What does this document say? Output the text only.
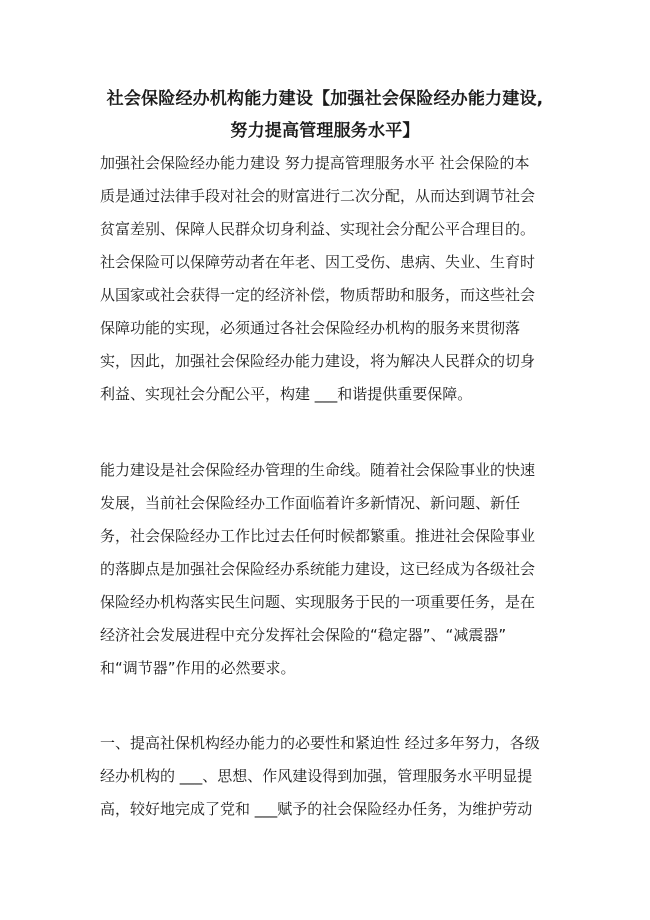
社会保险经办机构能力建设【加强社会保险经办能力建设,
努力提高管理服务水平】

加强社会保险经办能力建设 努力提高管理服务水平 社会保险的本
质是通过法律手段对社会的财富进行二次分配，从而达到调节社会
贫富差别、保障人民群众切身利益、实现社会分配公平合理目的。
社会保险可以保障劳动者在年老、因工受伤、患病、失业、生育时
从国家或社会获得一定的经济补偿，物质帮助和服务，而这些社会
保障功能的实现，必须通过各社会保险经办机构的服务来贯彻落
实，因此，加强社会保险经办能力建设，将为解决人民群众的切身
利益、实现社会分配公平，构建 ___和谐提供重要保障。

能力建设是社会保险经办管理的生命线。随着社会保险事业的快速
发展，当前社会保险经办工作面临着许多新情况、新问题、新任
务，社会保险经办工作比过去任何时候都繁重。推进社会保险事业
的落脚点是加强社会保险经办系统能力建设，这已经成为各级社会
保险经办机构落实民生问题、实现服务于民的一项重要任务，是在
经济社会发展进程中充分发挥社会保险的“稳定器”、“减震器”
和“调节器”作用的必然要求。

一、提高社保机构经办能力的必要性和紧迫性 经过多年努力，各级
经办机构的 ___、思想、作风建设得到加强，管理服务水平明显提
高，较好地完成了党和 ___赋予的社会保险经办任务，为维护劳动
